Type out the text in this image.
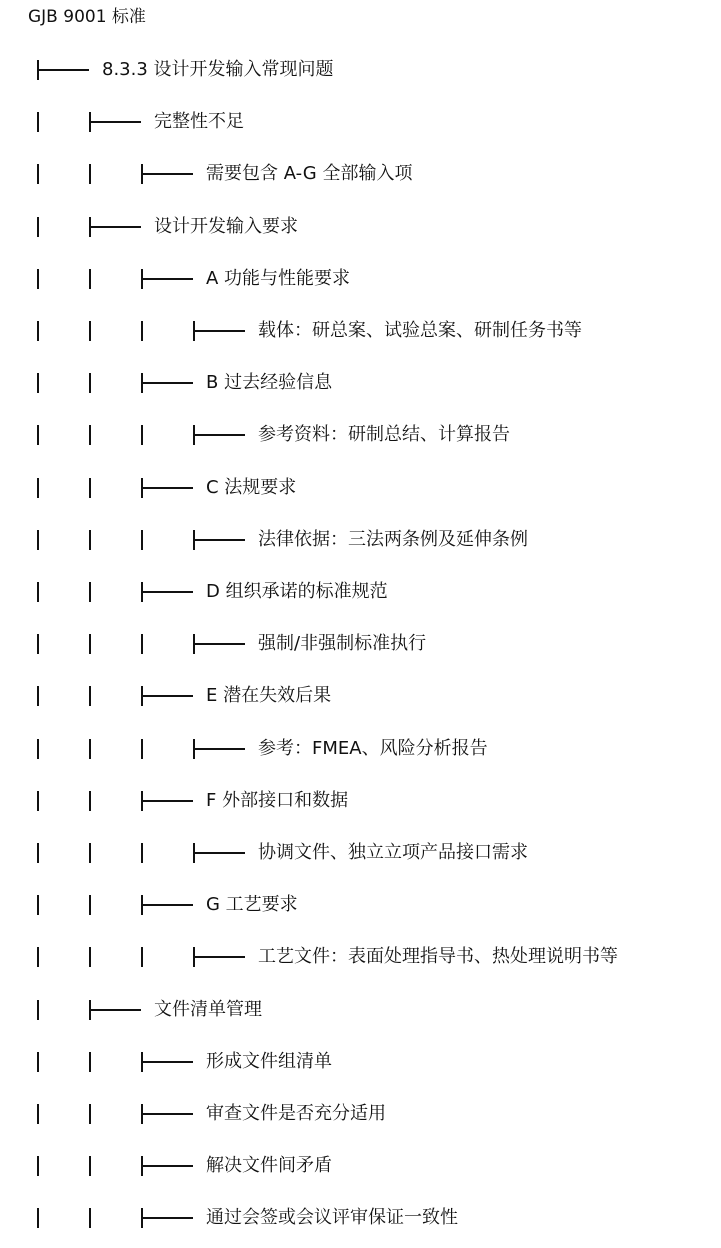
GJB 9001 标准
8.3.3 设计开发输入常现问题
完整性不足
需要包含 A-G 全部输入项
设计开发输入要求
A 功能与性能要求
载体：研总案、试验总案、研制任务书等
B 过去经验信息
参考资料：研制总结、计算报告
C 法规要求
法律依据：三法两条例及延伸条例
D 组织承诺的标准规范
强制/非强制标准执行
E 潜在失效后果
参考：FMEA、风险分析报告
F 外部接口和数据
协调文件、独立立项产品接口需求
G 工艺要求
工艺文件：表面处理指导书、热处理说明书等
文件清单管理
形成文件组清单
审查文件是否充分适用
解决文件间矛盾
通过会签或会议评审保证一致性
